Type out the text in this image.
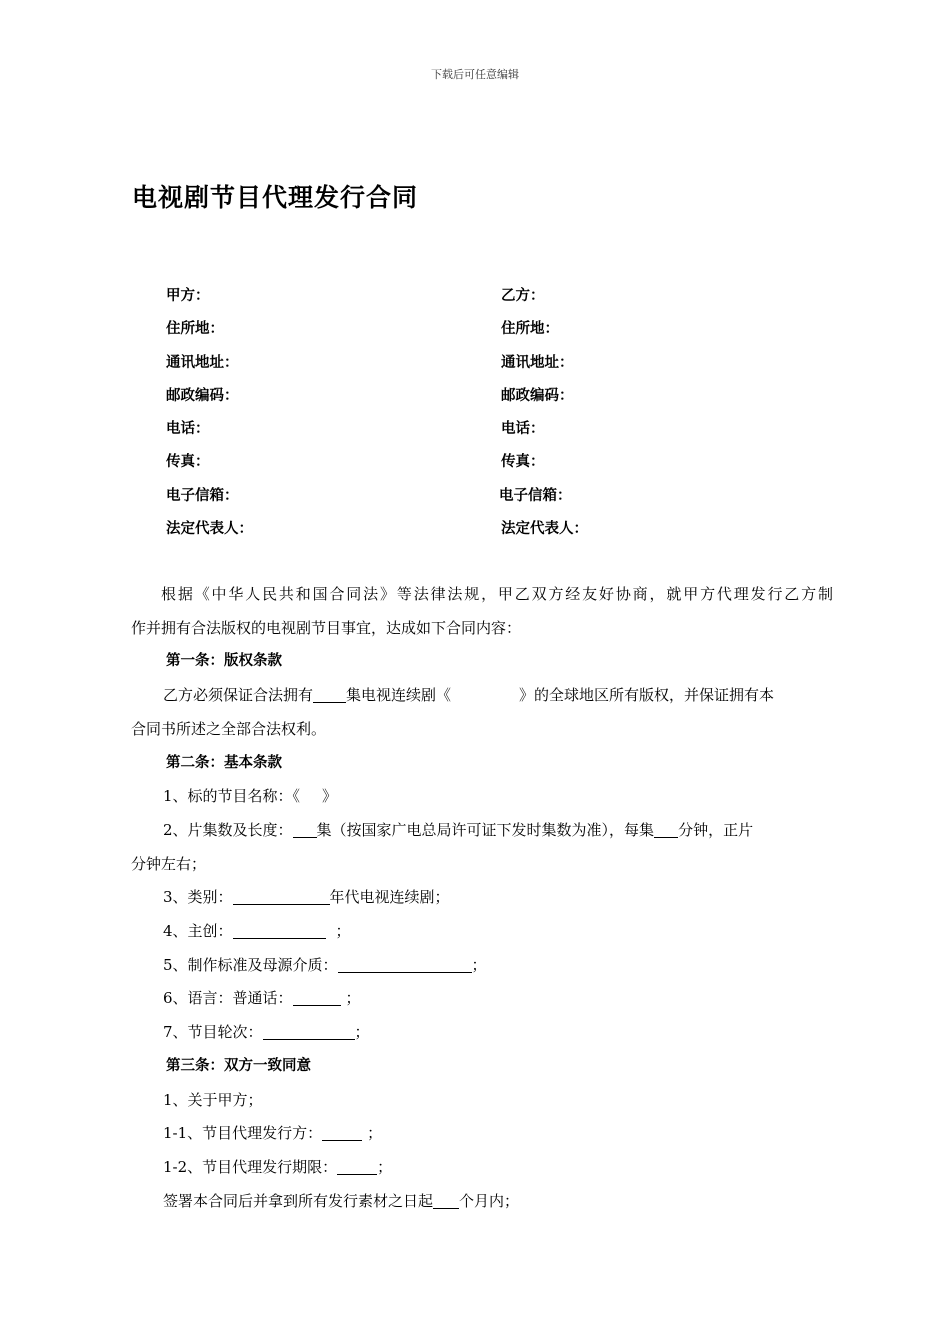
下载后可任意编辑
电视剧节目代理发行合同
甲方：	乙方：
住所地：	住所地：
通讯地址：	通讯地址：
邮政编码：	邮政编码：
电话：	电话：
传真：	传真：
电子信箱：	电子信箱：
法定代表人：	法定代表人：

根据《中华人民共和国合同法》等法律法规，甲乙双方经友好协商，就甲方代理发行乙方制

作并拥有合法版权的电视剧节目事宜，达成如下合同内容：

第一条：版权条款

乙方必须保证合法拥有 集电视连续剧《	》的全球地区所有版权，并保证拥有本

合同书所述之全部合法权利。

第二条：基本条款

1、标的节目名称：《 》

2、片集数及长度： 集（按国家广电总局许可证下发时集数为准），每集 分钟，正片

分钟左右；

3、类别：	年代电视连续剧；

4、主创：	；

5、制作标准及母源介质：	；

6、语言：普通话：	；

7、节目轮次：	；

第三条：双方一致同意

1、关于甲方；

1-1、节目代理发行方：	；

1-2、节目代理发行期限：	；

签署本合同后并拿到所有发行素材之日起 个月内；
